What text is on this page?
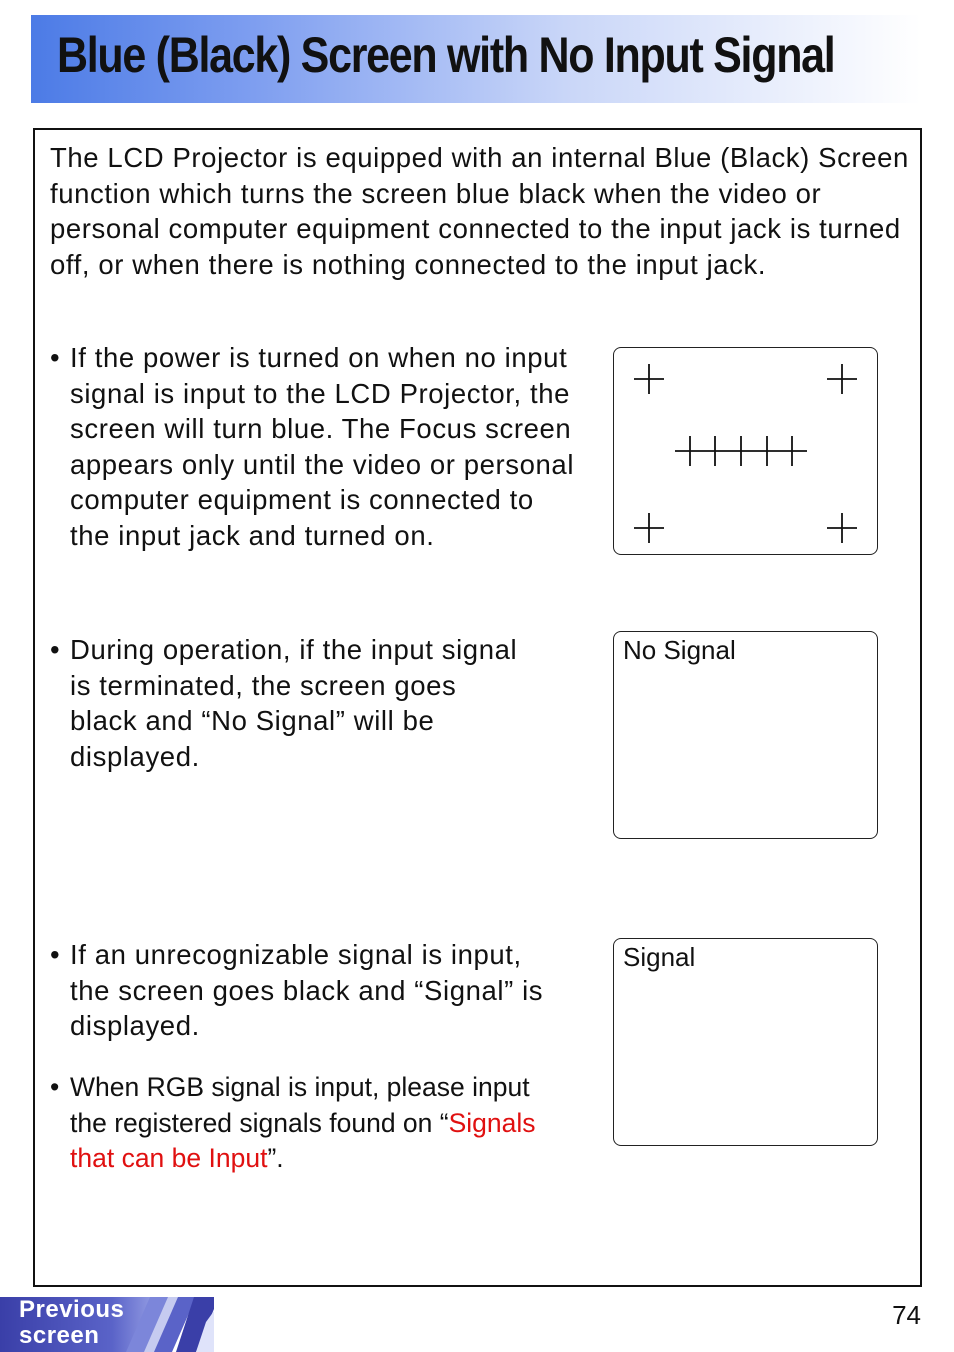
Blue (Black) Screen with No Input Signal

The LCD Projector is equipped with an internal Blue (Black) Screen function which turns the screen blue black when the video or personal computer equipment connected to the input jack is turned off, or when there is nothing connected to the input jack.

• If the power is turned on when no input signal is input to the LCD Projector, the screen will turn blue. The Focus screen appears only until the video or personal computer equipment is connected to the input jack and turned on.

• During operation, if the input signal is terminated, the screen goes black and “No Signal” will be displayed.

• If an unrecognizable signal is input, the screen goes black and “Signal” is displayed.

• When RGB signal is input, please input the registered signals found on “Signals that can be Input”.

No Signal
Signal
Previous
screen
74
